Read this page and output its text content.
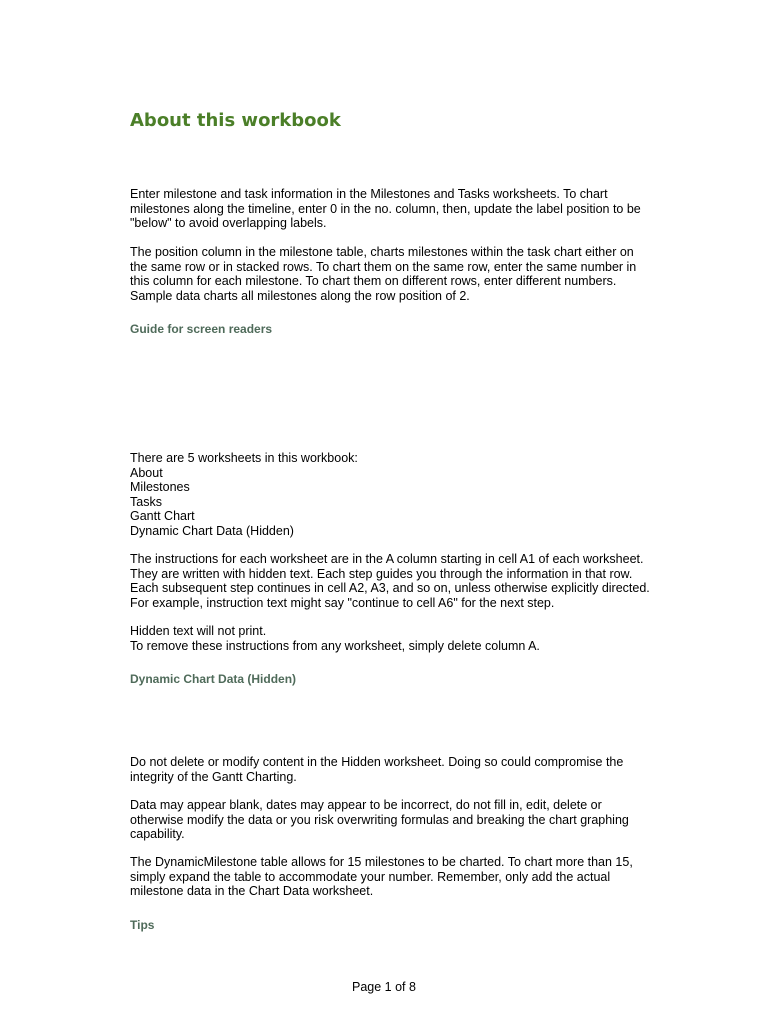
About this workbook
Enter milestone and task information in the Milestones and Tasks worksheets. To chart
milestones along the timeline, enter 0 in the no. column, then, update the label position to be
"below" to avoid overlapping labels.
The position column in the milestone table, charts milestones within the task chart either on
the same row or in stacked rows. To chart them on the same row, enter the same number in
this column for each milestone. To chart them on different rows, enter different numbers.
Sample data charts all milestones along the row position of 2.
Guide for screen readers
There are 5 worksheets in this workbook:
About
Milestones
Tasks
Gantt Chart
Dynamic Chart Data (Hidden)
The instructions for each worksheet are in the A column starting in cell A1 of each worksheet.
They are written with hidden text. Each step guides you through the information in that row.
Each subsequent step continues in cell A2, A3, and so on, unless otherwise explicitly directed.
For example, instruction text might say "continue to cell A6" for the next step.
Hidden text will not print.
To remove these instructions from any worksheet, simply delete column A.
Dynamic Chart Data (Hidden)
Do not delete or modify content in the Hidden worksheet. Doing so could compromise the
integrity of the Gantt Charting.
Data may appear blank, dates may appear to be incorrect, do not fill in, edit, delete or
otherwise modify the data or you risk overwriting formulas and breaking the chart graphing
capability.
The DynamicMilestone table allows for 15 milestones to be charted. To chart more than 15,
simply expand the table to accommodate your number. Remember, only add the actual
milestone data in the Chart Data worksheet.
Tips
Page 1 of 8
